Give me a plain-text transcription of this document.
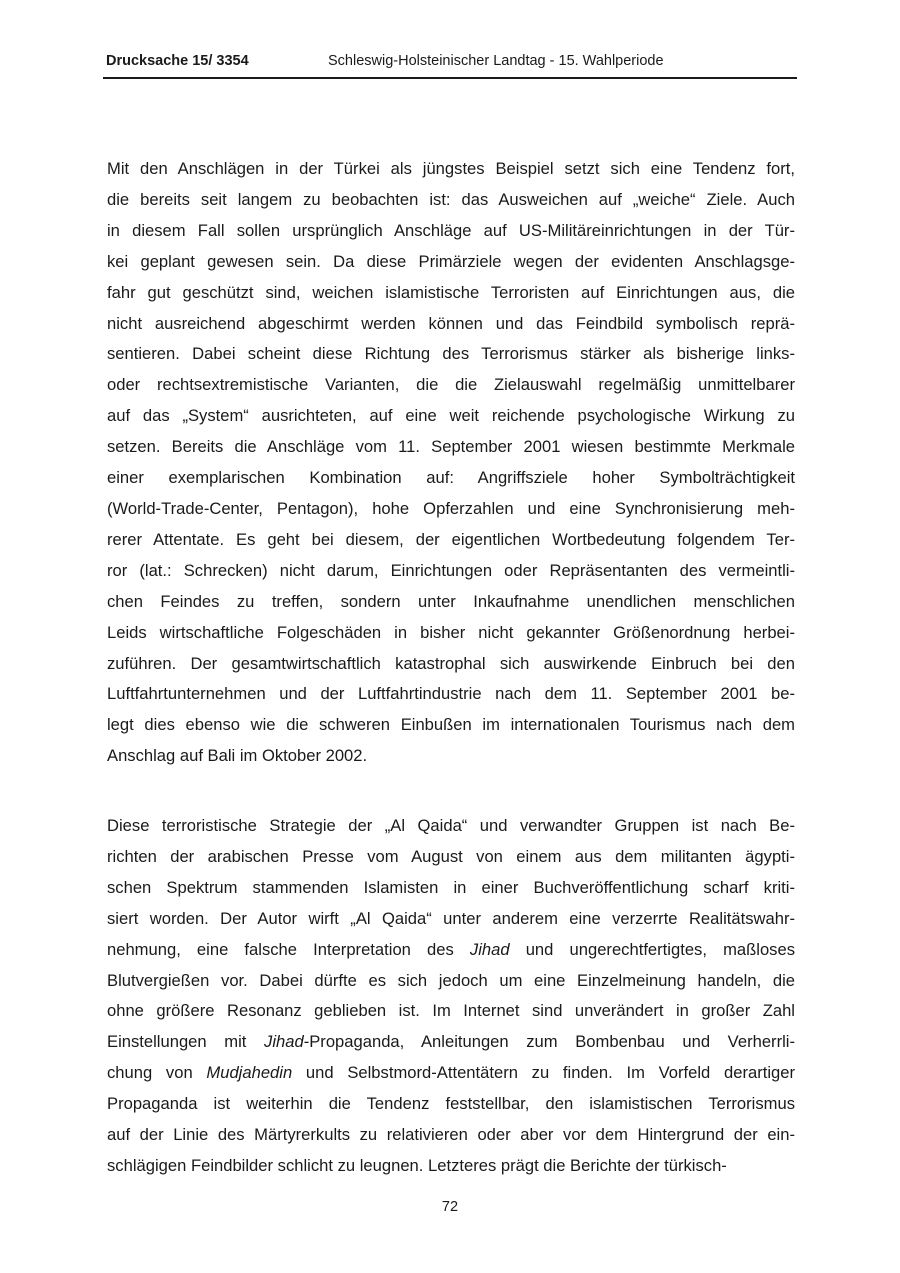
Drucksache 15/ 3354	Schleswig-Holsteinischer Landtag - 15. Wahlperiode
Mit den Anschlägen in der Türkei als jüngstes Beispiel setzt sich eine Tendenz fort,
die bereits seit langem zu beobachten ist: das Ausweichen auf „weiche“ Ziele. Auch
in diesem Fall sollen ursprünglich Anschläge auf US-Militäreinrichtungen in der Tür-
kei geplant gewesen sein. Da diese Primärziele wegen der evidenten Anschlagsge-
fahr gut geschützt sind, weichen islamistische Terroristen auf Einrichtungen aus, die
nicht ausreichend abgeschirmt werden können und das Feindbild symbolisch reprä-
sentieren. Dabei scheint diese Richtung des Terrorismus stärker als bisherige links-
oder rechtsextremistische Varianten, die die Zielauswahl regelmäßig unmittelbarer
auf das „System“ ausrichteten, auf eine weit reichende psychologische Wirkung zu
setzen. Bereits die Anschläge vom 11. September 2001 wiesen bestimmte Merkmale
einer exemplarischen Kombination auf: Angriffsziele hoher Symbolträchtigkeit
(World-Trade-Center, Pentagon), hohe Opferzahlen und eine Synchronisierung meh-
rerer Attentate. Es geht bei diesem, der eigentlichen Wortbedeutung folgendem Ter-
ror (lat.: Schrecken) nicht darum, Einrichtungen oder Repräsentanten des vermeintli-
chen Feindes zu treffen, sondern unter Inkaufnahme unendlichen menschlichen
Leids wirtschaftliche Folgeschäden in bisher nicht gekannter Größenordnung herbei-
zuführen. Der gesamtwirtschaftlich katastrophal sich auswirkende Einbruch bei den
Luftfahrtunternehmen und der Luftfahrtindustrie nach dem 11. September 2001 be-
legt dies ebenso wie die schweren Einbußen im internationalen Tourismus nach dem
Anschlag auf Bali im Oktober 2002.
Diese terroristische Strategie der „Al Qaida“ und verwandter Gruppen ist nach Be-
richten der arabischen Presse vom August von einem aus dem militanten ägypti-
schen Spektrum stammenden Islamisten in einer Buchveröffentlichung scharf kriti-
siert worden. Der Autor wirft „Al Qaida“ unter anderem eine verzerrte Realitätswahr-
nehmung, eine falsche Interpretation des Jihad und ungerechtfertigtes, maßloses
Blutvergießen vor. Dabei dürfte es sich jedoch um eine Einzelmeinung handeln, die
ohne größere Resonanz geblieben ist. Im Internet sind unverändert in großer Zahl
Einstellungen mit Jihad-Propaganda, Anleitungen zum Bombenbau und Verherrli-
chung von Mudjahedin und Selbstmord-Attentätern zu finden. Im Vorfeld derartiger
Propaganda ist weiterhin die Tendenz feststellbar, den islamistischen Terrorismus
auf der Linie des Märtyrerkults zu relativieren oder aber vor dem Hintergrund der ein-
schlägigen Feindbilder schlicht zu leugnen. Letzteres prägt die Berichte der türkisch-
72
